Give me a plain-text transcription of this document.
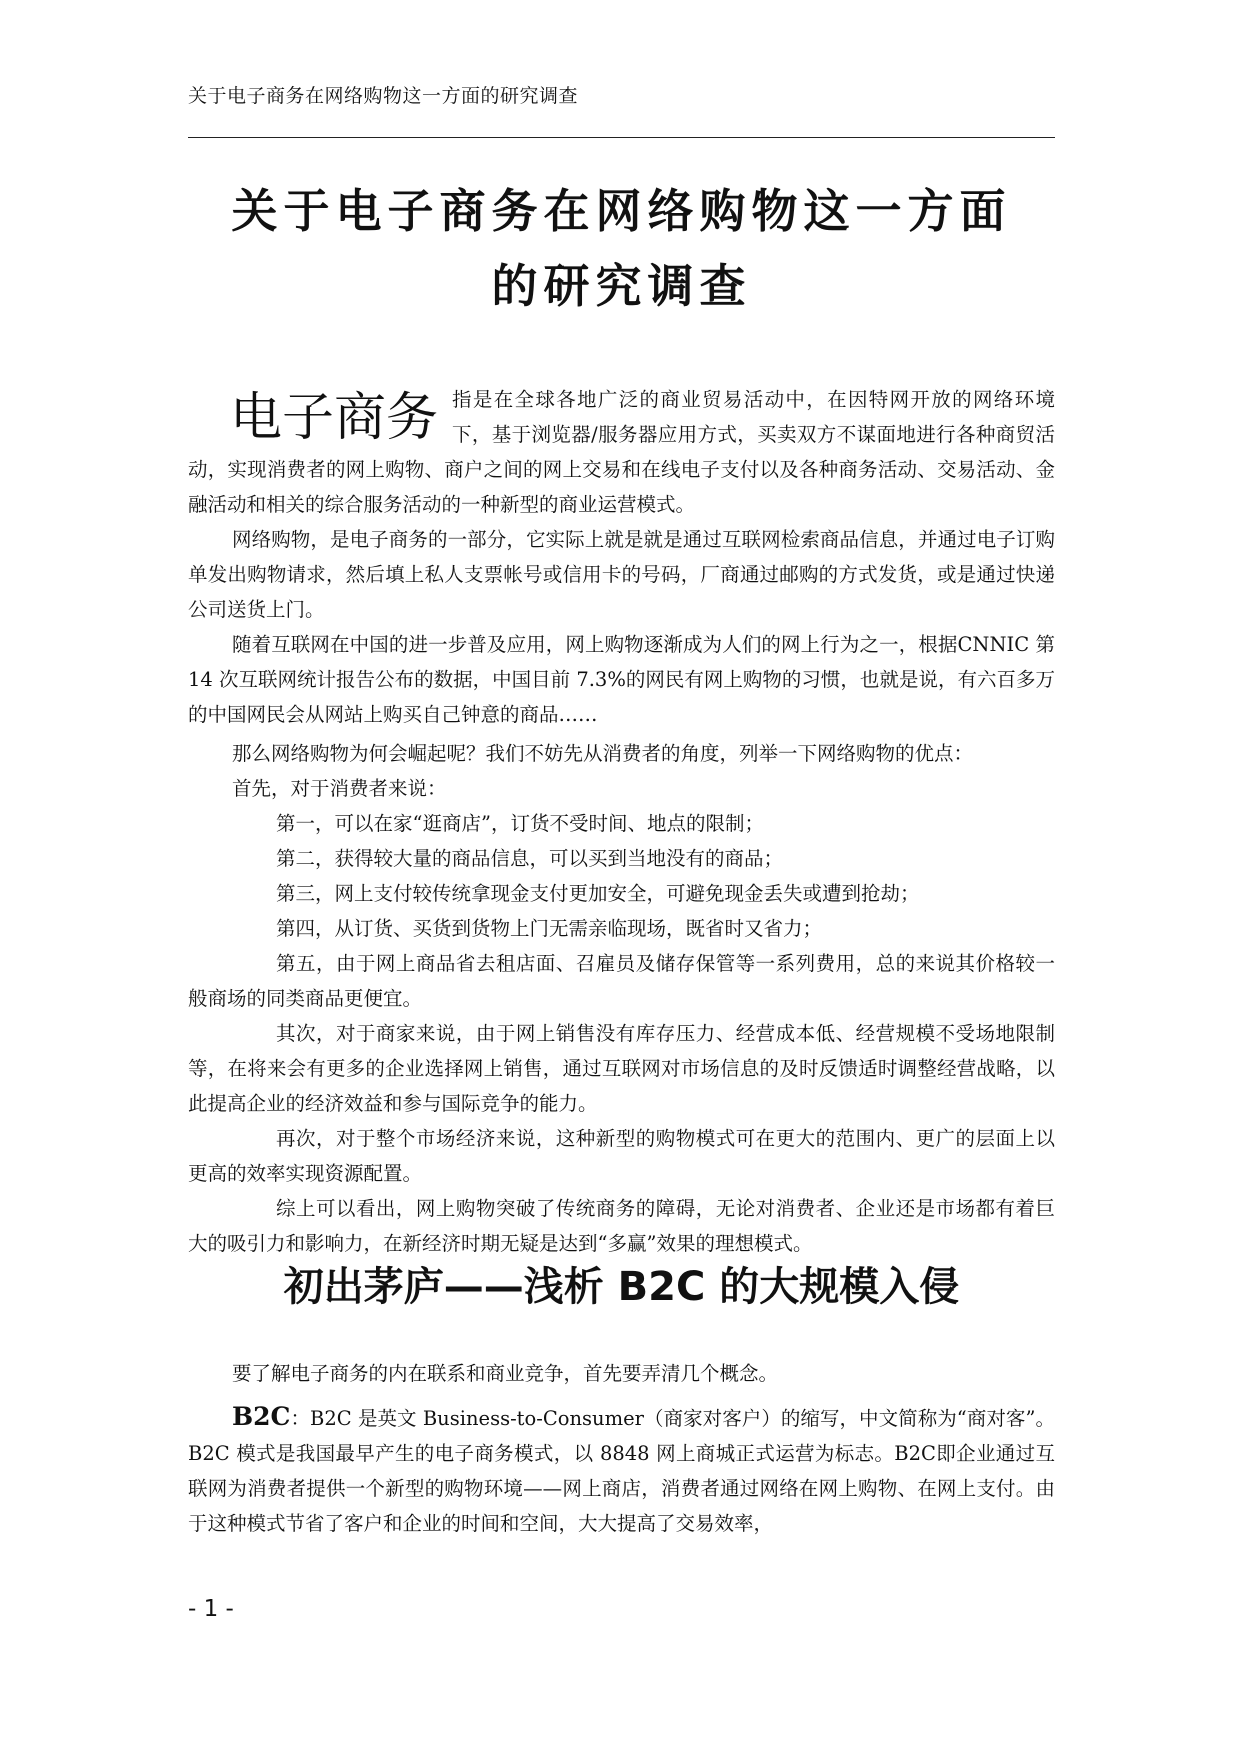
关于电子商务在网络购物这一方面的研究调查
关于电子商务在网络购物这一方面
的研究调查

电子商务 指是在全球各地广泛的商业贸易活动中，在因特网开放的网络环境下，基于浏览器/服务器应用方式，买卖双方不谋面地进行各种商贸活动，实现消费者的网上购物、商户之间的网上交易和在线电子支付以及各种商务活动、交易活动、金融活动和相关的综合服务活动的一种新型的商业运营模式。

网络购物，是电子商务的一部分，它实际上就是就是通过互联网检索商品信息，并通过电子订购单发出购物请求，然后填上私人支票帐号或信用卡的号码，厂商通过邮购的方式发货，或是通过快递公司送货上门。

随着互联网在中国的进一步普及应用，网上购物逐渐成为人们的网上行为之一，根据CNNIC 第 14 次互联网统计报告公布的数据，中国目前 7.3%的网民有网上购物的习惯，也就是说，有六百多万的中国网民会从网站上购买自己钟意的商品……

那么网络购物为何会崛起呢？我们不妨先从消费者的角度，列举一下网络购物的优点：

首先，对于消费者来说：

第一，可以在家“逛商店”，订货不受时间、地点的限制；

第二，获得较大量的商品信息，可以买到当地没有的商品；

第三，网上支付较传统拿现金支付更加安全，可避免现金丢失或遭到抢劫；

第四，从订货、买货到货物上门无需亲临现场，既省时又省力；

第五，由于网上商品省去租店面、召雇员及储存保管等一系列费用，总的来说其价格较一般商场的同类商品更便宜。

其次，对于商家来说，由于网上销售没有库存压力、经营成本低、经营规模不受场地限制等，在将来会有更多的企业选择网上销售，通过互联网对市场信息的及时反馈适时调整经营战略，以此提高企业的经济效益和参与国际竞争的能力。

再次，对于整个市场经济来说，这种新型的购物模式可在更大的范围内、更广的层面上以更高的效率实现资源配置。

综上可以看出，网上购物突破了传统商务的障碍，无论对消费者、企业还是市场都有着巨大的吸引力和影响力，在新经济时期无疑是达到“多赢”效果的理想模式。

初出茅庐——浅析 B2C 的大规模入侵

要了解电子商务的内在联系和商业竞争，首先要弄清几个概念。

B2C：B2C 是英文 Business-to-Consumer（商家对客户）的缩写，中文简称为“商对客”。 B2C 模式是我国最早产生的电子商务模式，以 8848 网上商城正式运营为标志。B2C即企业通过互联网为消费者提供一个新型的购物环境——网上商店，消费者通过网络在网上购物、在网上支付。由于这种模式节省了客户和企业的时间和空间，大大提高了交易效率，

- 1 -
